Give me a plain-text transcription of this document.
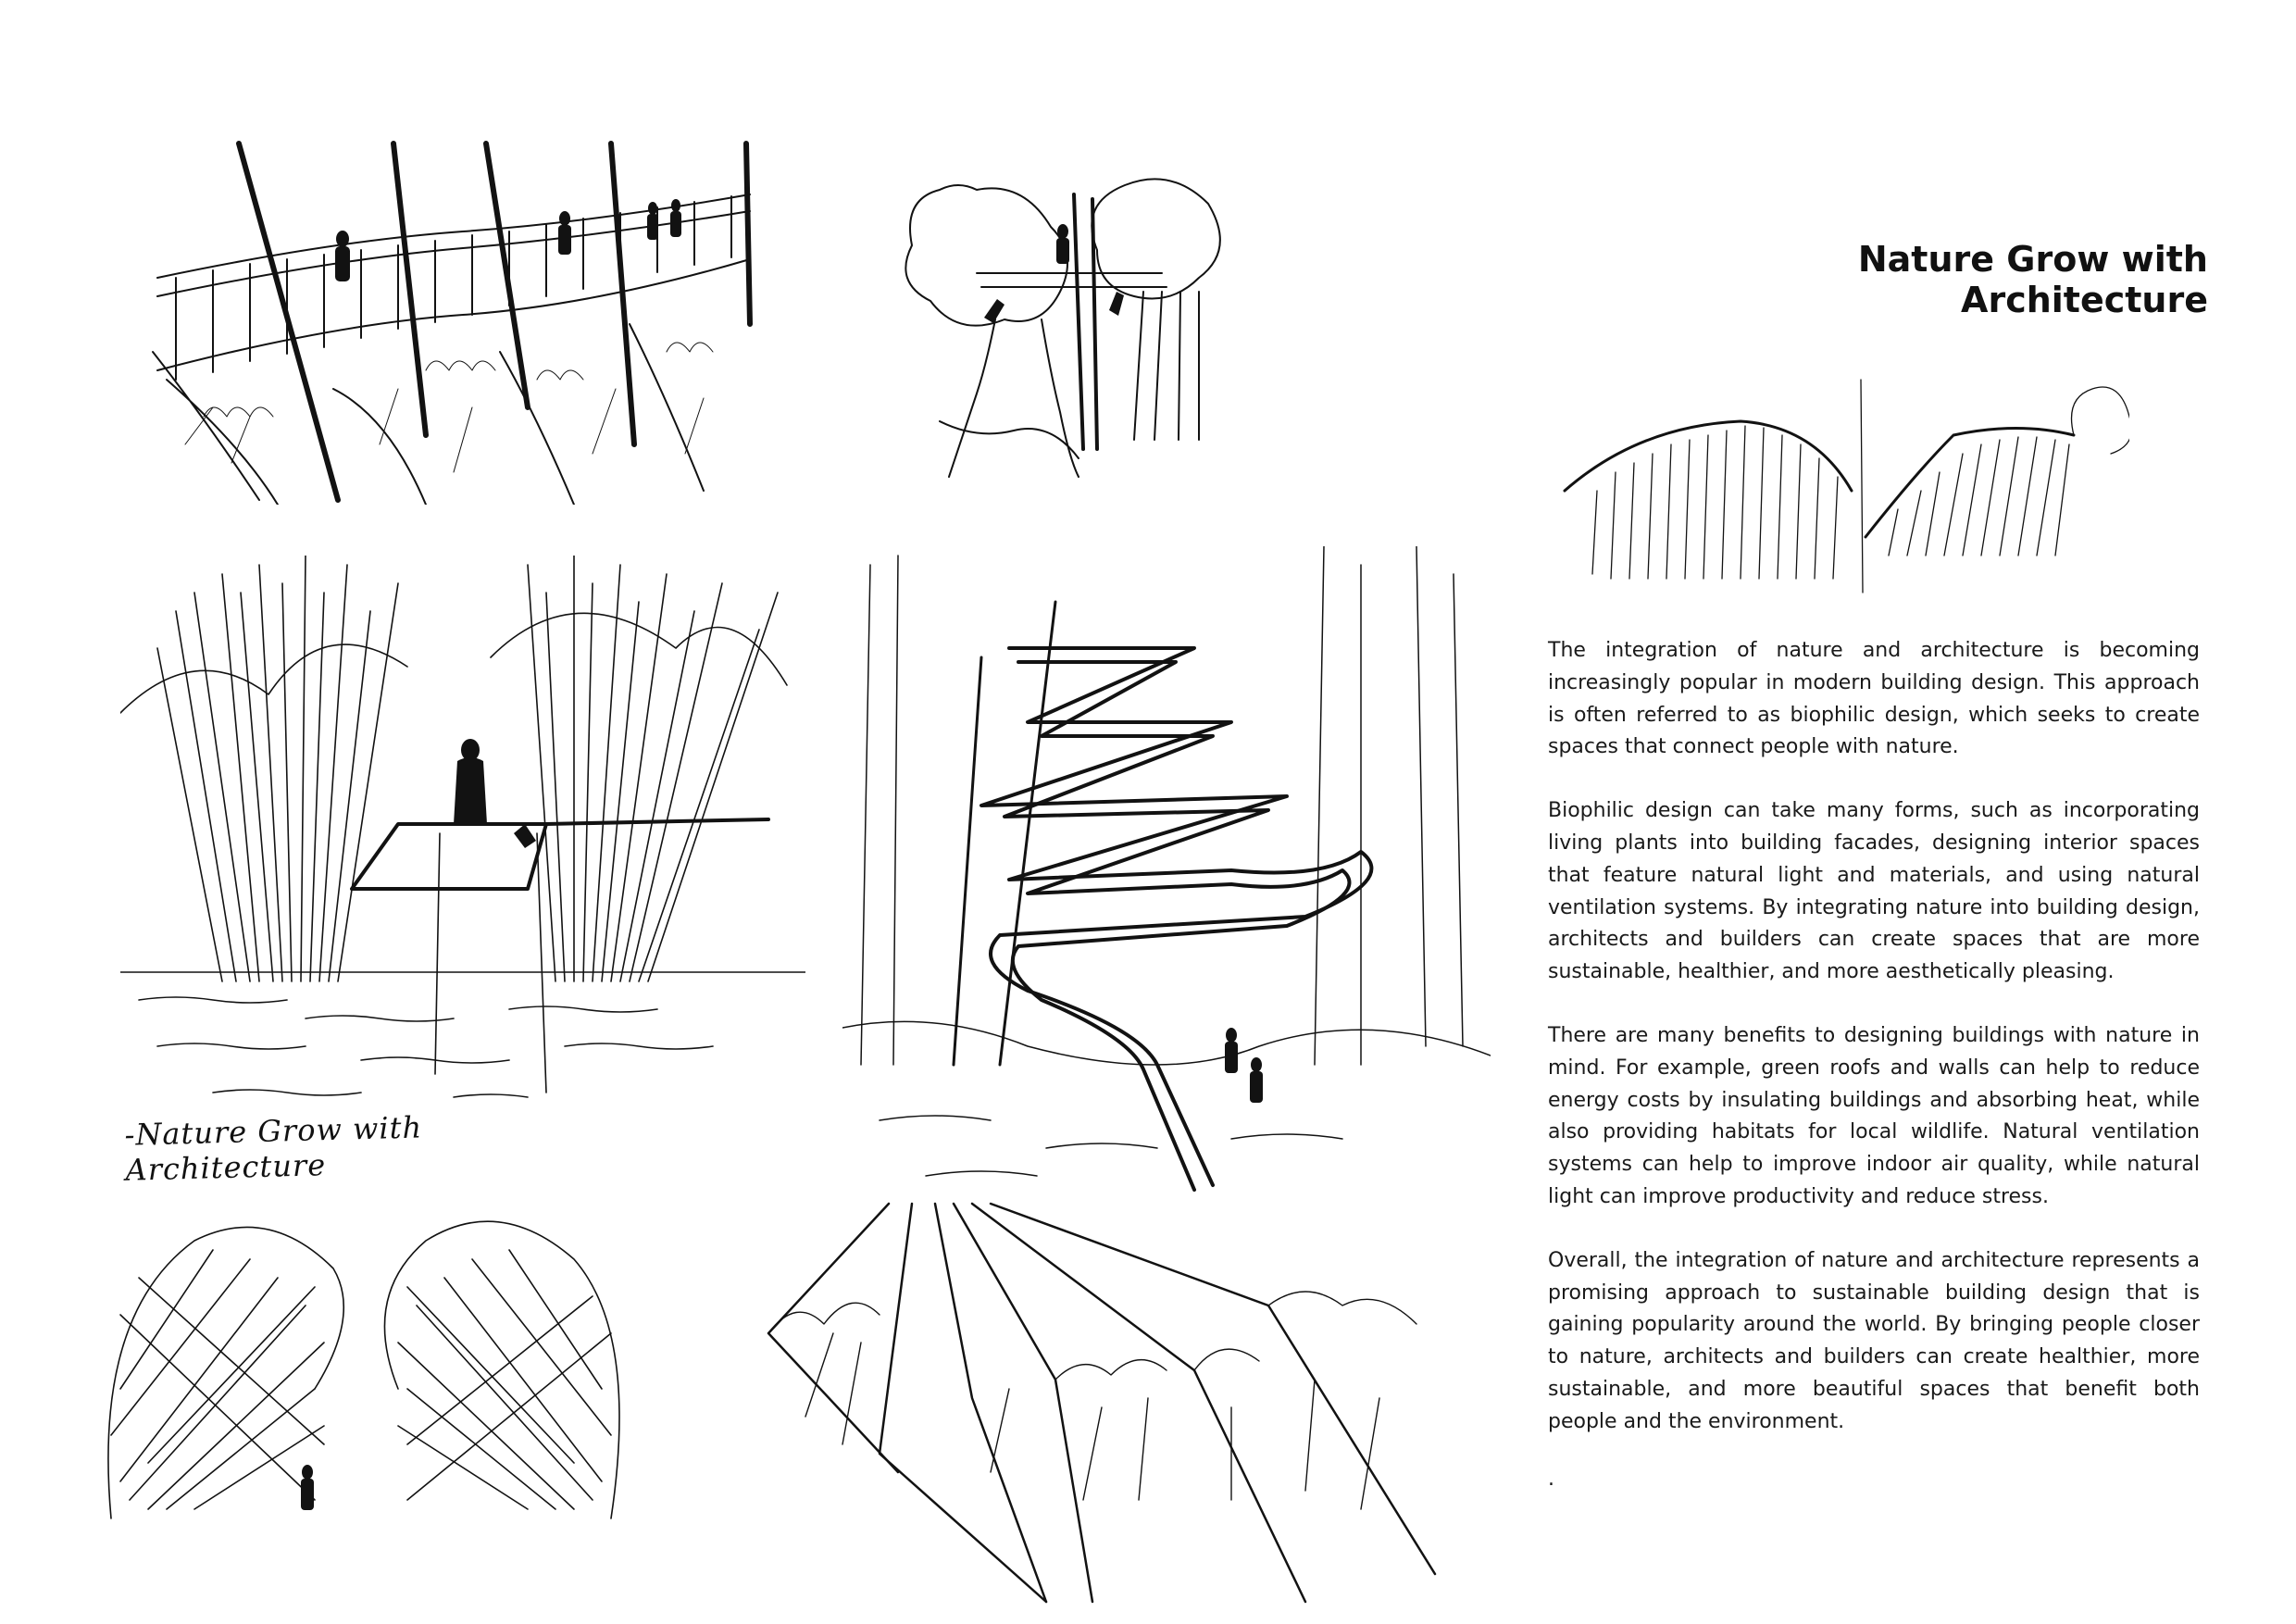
-Nature Grow with Architecture
Nature Grow with Architecture

The integration of nature and architecture is becoming increasingly popular in modern building design. This approach is often referred to as biophilic design, which seeks to create spaces that connect people with nature.

Biophilic design can take many forms, such as incorporating living plants into building facades, designing interior spaces that feature natural light and materials, and using natural ventilation systems. By integrating nature into building design, architects and builders can create spaces that are more sustainable, healthier, and more aesthetically pleasing.

There are many benefits to designing buildings with nature in mind. For example, green roofs and walls can help to reduce energy costs by insulating buildings and absorbing heat, while also providing habitats for local wildlife. Natural ventilation systems can help to improve indoor air quality, while natural light can improve productivity and reduce stress.

Overall, the integration of nature and architecture represents a promising approach to sustainable building design that is gaining popularity around the world. By bringing people closer to nature, architects and builders can create healthier, more sustainable, and more beautiful spaces that benefit both people and the environment.

.
